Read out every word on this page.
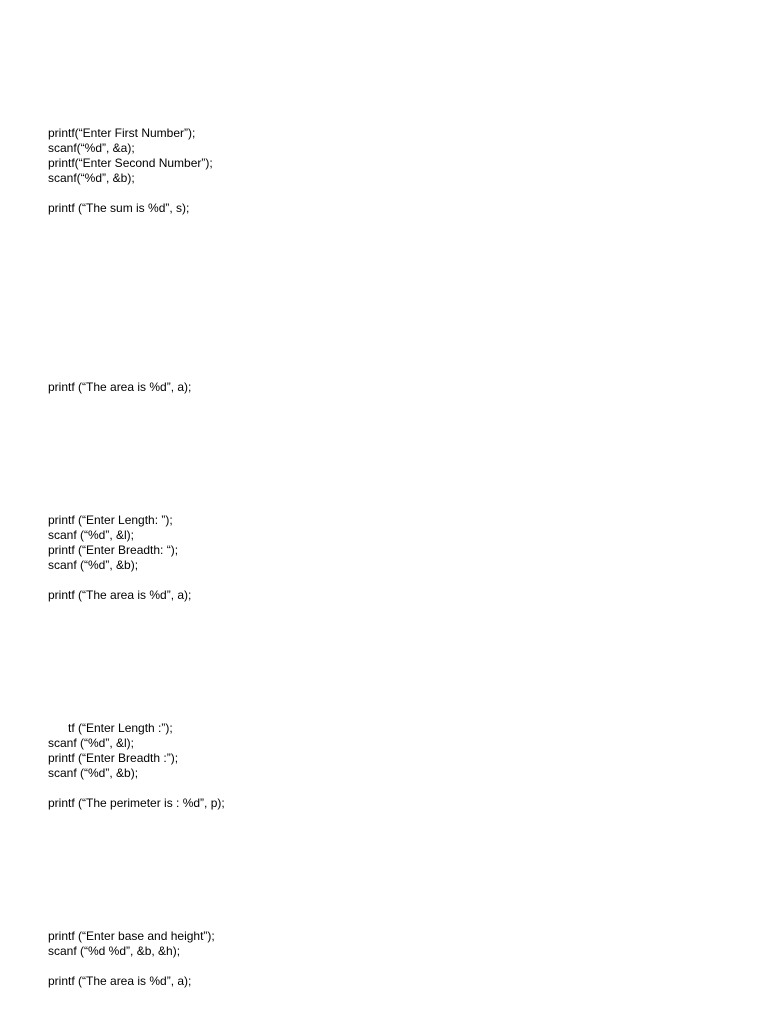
printf(“Enter First Number”);
scanf(“%d”, &a);
printf(“Enter Second Number”);
scanf(“%d”, &b);
printf (“The sum is %d”, s);
printf (“The area is %d”, a);
printf (“Enter Length: ”);
scanf (“%d”, &l);
printf (“Enter Breadth: “);
scanf (“%d”, &b);
printf (“The area is %d”, a);
tf (“Enter Length :”);
scanf (“%d”, &l);
printf (“Enter Breadth :”);
scanf (“%d”, &b);
printf (“The perimeter is : %d”, p);
printf (“Enter base and height”);
scanf (“%d %d”, &b, &h);
printf (“The area is %d”, a);
